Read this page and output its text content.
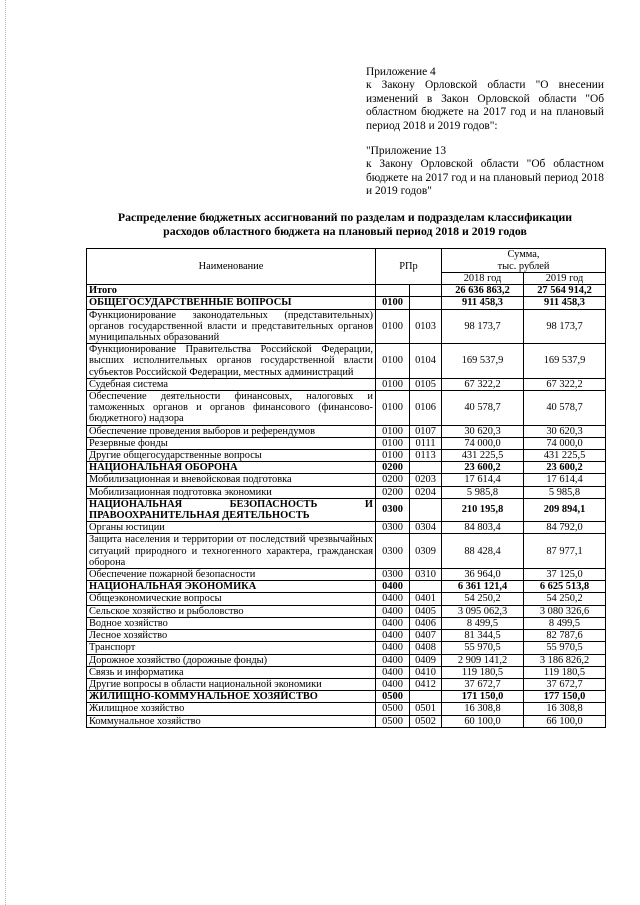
Приложение 4

к Закону Орловской области "О внесении изменений в Закон Орловской области "Об областном бюджете на 2017 год и на плановый период 2018 и 2019 годов":

"Приложение 13

к Закону Орловской области "Об областном бюджете на 2017 год и на плановый период 2018 и 2019 годов"

Распределение бюджетных ассигнований по разделам и подразделам классификации
расходов областного бюджета на плановый период 2018 и 2019 годов
Наименование	РПр		Сумма,
тыс. рублей	

			2018 год	2019 год
Итого			26 636 863,2	27 564 914,2
ОБЩЕГОСУДАРСТВЕННЫЕ ВОПРОСЫ	0100		911 458,3	911 458,3
Функционирование законодательных (представительных) органов государственной власти и представительных органов муниципальных образований	0100	0103	98 173,7	98 173,7
Функционирование Правительства Российской Федерации, высших исполнительных органов государственной власти субъектов Российской Федерации, местных администраций	0100	0104	169 537,9	169 537,9
Судебная система	0100	0105	67 322,2	67 322,2
Обеспечение деятельности финансовых, налоговых и таможенных органов и органов финансового (финансово-бюджетного) надзора	0100	0106	40 578,7	40 578,7
Обеспечение проведения выборов и референдумов	0100	0107	30 620,3	30 620,3
Резервные фонды	0100	0111	74 000,0	74 000,0
Другие общегосударственные вопросы	0100	0113	431 225,5	431 225,5
НАЦИОНАЛЬНАЯ ОБОРОНА	0200		23 600,2	23 600,2
Мобилизационная и вневойсковая подготовка	0200	0203	17 614,4	17 614,4
Мобилизационная подготовка экономики	0200	0204	5 985,8	5 985,8
НАЦИОНАЛЬНАЯ БЕЗОПАСНОСТЬ И ПРАВООХРАНИТЕЛЬНАЯ ДЕЯТЕЛЬНОСТЬ	0300		210 195,8	209 894,1
Органы юстиции	0300	0304	84 803,4	84 792,0
Защита населения и территории от последствий чрезвычайных ситуаций природного и техногенного характера, гражданская оборона	0300	0309	88 428,4	87 977,1
Обеспечение пожарной безопасности	0300	0310	36 964,0	37 125,0
НАЦИОНАЛЬНАЯ ЭКОНОМИКА	0400		6 361 121,4	6 625 513,8
Общеэкономические вопросы	0400	0401	54 250,2	54 250,2
Сельское хозяйство и рыболовство	0400	0405	3 095 062,3	3 080 326,6
Водное хозяйство	0400	0406	8 499,5	8 499,5
Лесное хозяйство	0400	0407	81 344,5	82 787,6
Транспорт	0400	0408	55 970,5	55 970,5
Дорожное хозяйство (дорожные фонды)	0400	0409	2 909 141,2	3 186 826,2
Связь и информатика	0400	0410	119 180,5	119 180,5
Другие вопросы в области национальной экономики	0400	0412	37 672,7	37 672,7
ЖИЛИЩНО-КОММУНАЛЬНОЕ ХОЗЯЙСТВО	0500		171 150,0	177 150,0
Жилищное хозяйство	0500	0501	16 308,8	16 308,8
Коммунальное хозяйство	0500	0502	60 100,0	66 100,0
